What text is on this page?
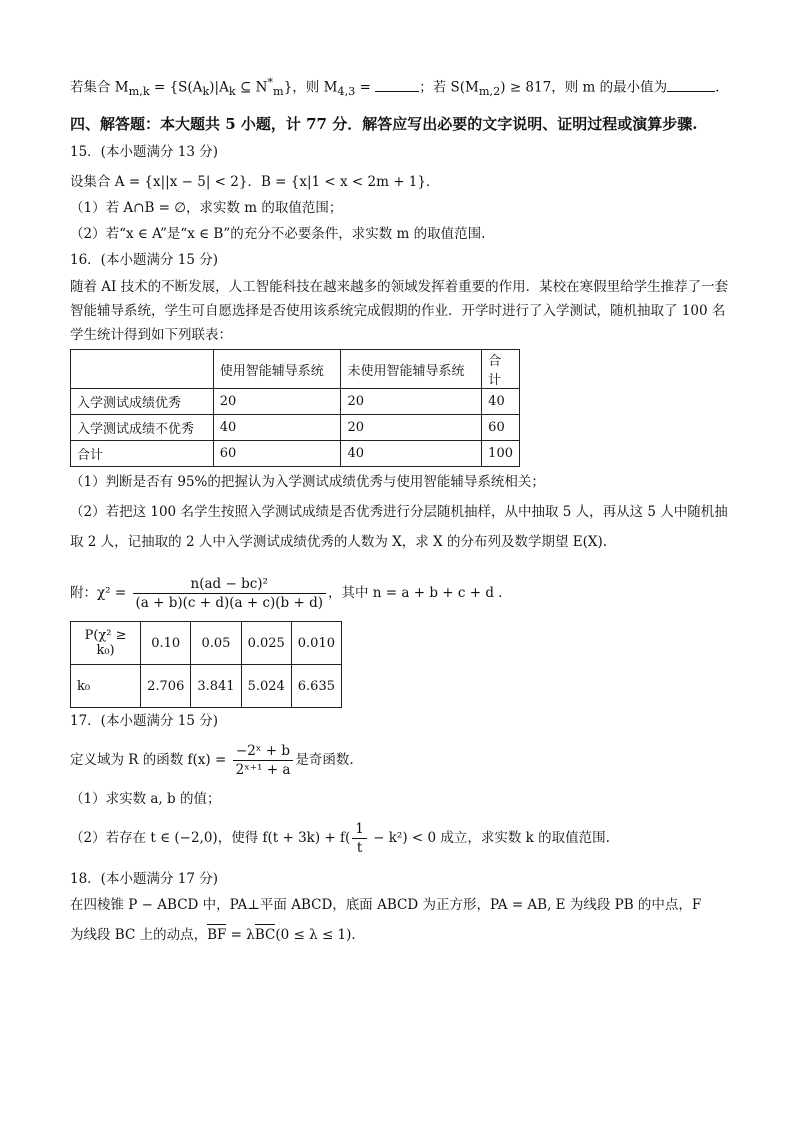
若集合 $M_{m,k} = \{S(A_k)|A_k$ ⊆ $N^*_m$}，则 $M_{4,3}$ =	；若 $S(M_{m,2}) \ge 817$，则 m 的最小值为	.
四、解答题：本大题共 5 小题，计 77 分．解答应写出必要的文字说明、证明过程或演算步骤.
15．(本小题满分 13 分)
设集合 A = {x||x − 5| < 2}．B = {x|1 < x < 2m + 1}．
（1）若 A∩B = ∅，求实数 m 的取值范围；
（2）若“x ∈ A”是“x ∈ B”的充分不必要条件，求实数 m 的取值范围.
16．(本小题满分 15 分)
随着 AI 技术的不断发展，人工智能科技在越来越多的领域发挥着重要的作用．某校在寒假里给学生推荐了一套智能辅导系统，学生可自愿选择是否使用该系统完成假期的作业．开学时进行了入学测试，随机抽取了 100 名学生统计得到如下列联表：
	使用智能辅导系统	未使用智能辅导系统	合计
入学测试成绩优秀	20	20	40
入学测试成绩不优秀	40	20	60
合计	60	40	100
（1）判断是否有 95%的把握认为入学测试成绩优秀与使用智能辅导系统相关；
（2）若把这 100 名学生按照入学测试成绩是否优秀进行分层随机抽样，从中抽取 5 人，再从这 5 人中随机抽取 2 人，记抽取的 2 人中入学测试成绩优秀的人数为 X，求 X 的分布列及数学期望 E(X).
附：$\chi^2 = \frac{\text{n(ad − bc)²}}{(a + b)(c + d)(a + c)(b + d)}$ ，其中 n = a + b + c + d ．
P(χ² ≥ k₀)	0.10	0.05	0.025	0.010
k₀	2.706	3.841	5.024	6.635
17．(本小题满分 15 分)
定义域为 R 的函数 $f(x) = \frac{\text{−2ˣ + b}}{\text{2ˣ⁺¹ + a}}$ 是奇函数.
（1）求实数 a, b 的值；
（2）若存在 t ∈ (−2,0)，使得 $f(t + 3k) + f( \frac{1}{t} - k^2) < 0$ 成立，求实数 k 的取值范围.
18．(本小题满分 17 分)
在四棱锥 P − ABCD 中，PA⊥平面 ABCD，底面 ABCD 为正方形，PA = AB, E 为线段 PB 的中点，F
为线段 BC 上的动点，BF = λBC(0 ≤ λ ≤ 1)．
